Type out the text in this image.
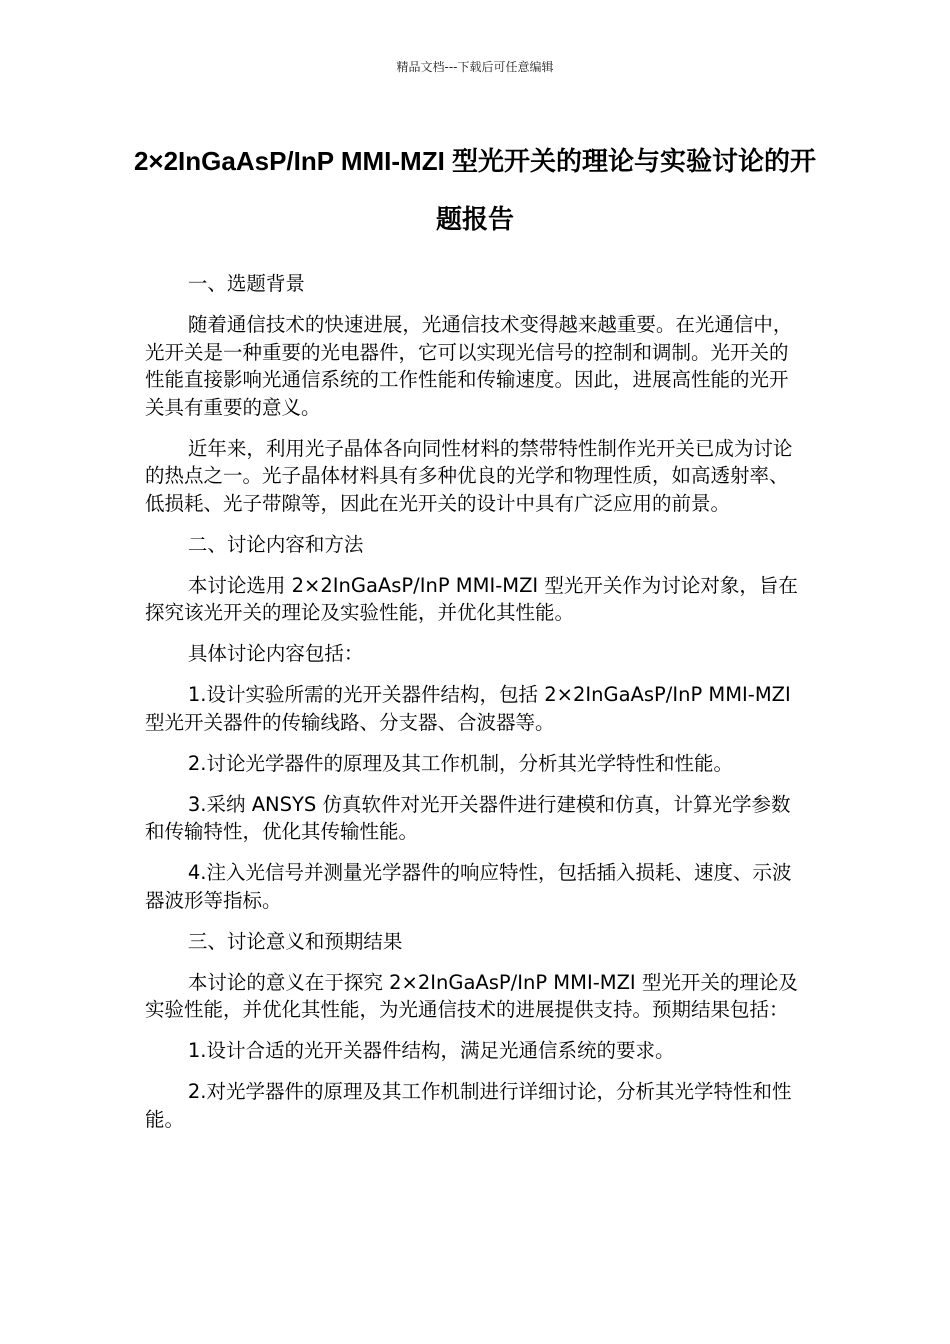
精品文档---下载后可任意编辑
2×2InGaAsP/InP MMI-MZI 型光开关的理论与实验讨论的开题报告

一、选题背景

随着通信技术的快速进展，光通信技术变得越来越重要。在光通信中，光开关是一种重要的光电器件，它可以实现光信号的控制和调制。光开关的性能直接影响光通信系统的工作性能和传输速度。因此，进展高性能的光开关具有重要的意义。

近年来，利用光子晶体各向同性材料的禁带特性制作光开关已成为讨论的热点之一。光子晶体材料具有多种优良的光学和物理性质，如高透射率、低损耗、光子带隙等，因此在光开关的设计中具有广泛应用的前景。

二、讨论内容和方法

本讨论选用 2×2InGaAsP/InP MMI-MZI 型光开关作为讨论对象，旨在探究该光开关的理论及实验性能，并优化其性能。

具体讨论内容包括：

1.设计实验所需的光开关器件结构，包括 2×2InGaAsP/InP MMI-MZI 型光开关器件的传输线路、分支器、合波器等。

2.讨论光学器件的原理及其工作机制，分析其光学特性和性能。

3.采纳 ANSYS 仿真软件对光开关器件进行建模和仿真，计算光学参数和传输特性，优化其传输性能。

4.注入光信号并测量光学器件的响应特性，包括插入损耗、速度、示波器波形等指标。

三、讨论意义和预期结果

本讨论的意义在于探究 2×2InGaAsP/InP MMI-MZI 型光开关的理论及实验性能，并优化其性能，为光通信技术的进展提供支持。预期结果包括：

1.设计合适的光开关器件结构，满足光通信系统的要求。

2.对光学器件的原理及其工作机制进行详细讨论，分析其光学特性和性能。
